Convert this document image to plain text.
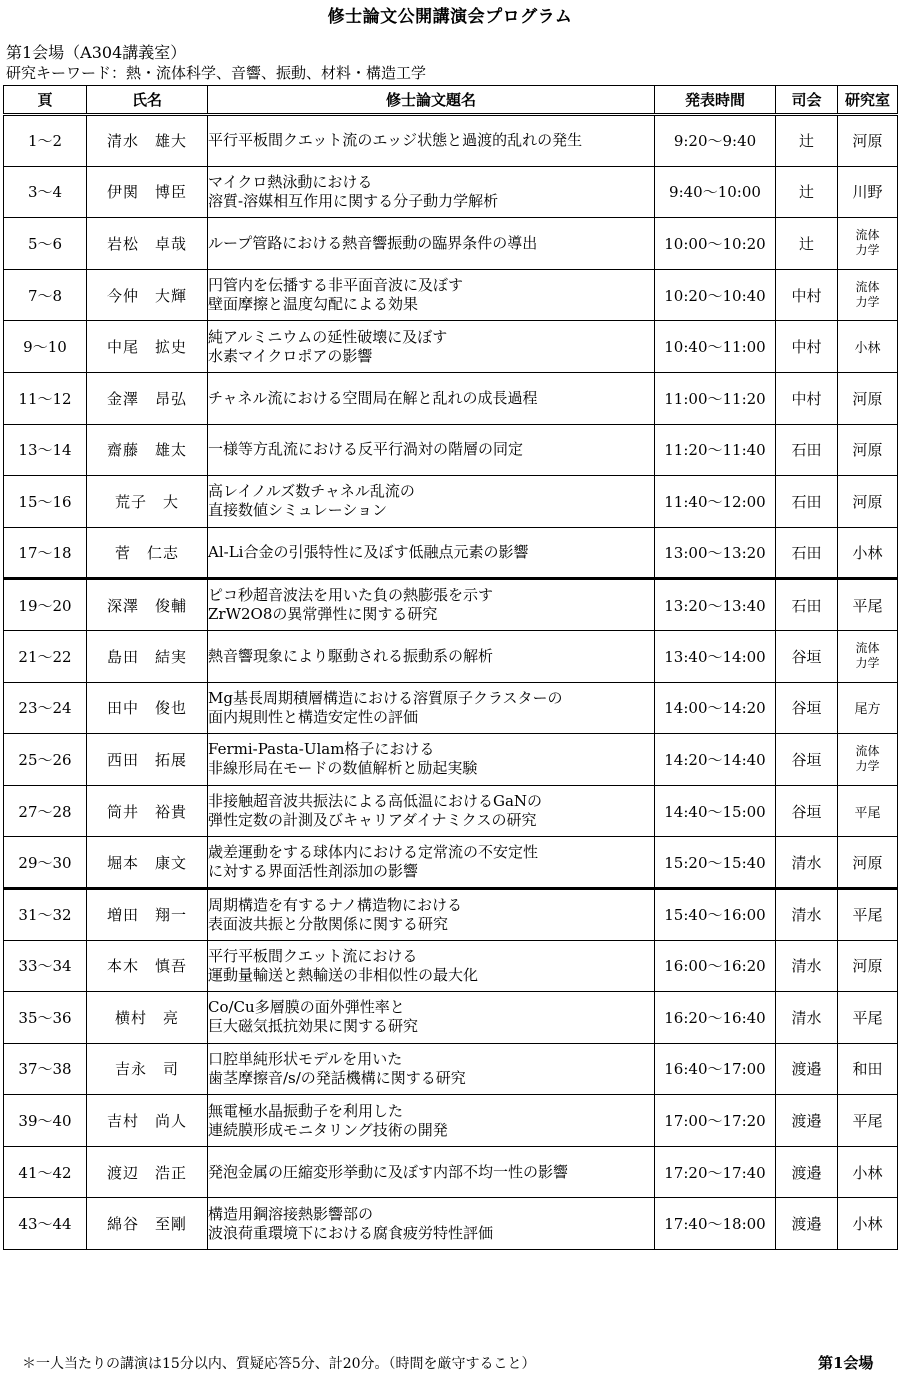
修士論文公開講演会プログラム
第1会場（A304講義室）
研究キーワード：熱・流体科学、音響、振動、材料・構造工学
頁	氏名	修士論文題名	発表時間	司会	研究室
1～2	清水　雄大	平行平板間クエット流のエッジ状態と過渡的乱れの発生	9:20～9:40	辻	河原
3～4	伊関　博臣	マイクロ熱泳動における
溶質-溶媒相互作用に関する分子動力学解析	9:40～10:00	辻	川野
5～6	岩松　卓哉	ループ管路における熱音響振動の臨界条件の導出	10:00～10:20	辻	流体
力学

7～8	今仲　大輝	円管内を伝播する非平面音波に及ぼす
壁面摩擦と温度勾配による効果	10:20～10:40	中村	流体
力学

9～10	中尾　拡史	純アルミニウムの延性破壊に及ぼす
水素マイクロポアの影響	10:40～11:00	中村	小林
11～12	金澤　昂弘	チャネル流における空間局在解と乱れの成長過程	11:00～11:20	中村	河原
13～14	齋藤　雄太	一様等方乱流における反平行渦対の階層の同定	11:20～11:40	石田	河原
15～16	荒子　大	高レイノルズ数チャネル乱流の
直接数値シミュレーション	11:40～12:00	石田	河原
17～18	菅　仁志	Al-Li合金の引張特性に及ぼす低融点元素の影響	13:00～13:20	石田	小林
19～20	深澤　俊輔	ピコ秒超音波法を用いた負の熱膨張を示す
ZrW2O8の異常弾性に関する研究	13:20～13:40	石田	平尾
21～22	島田　結実	熱音響現象により駆動される振動系の解析	13:40～14:00	谷垣	流体
力学

23～24	田中　俊也	Mg基長周期積層構造における溶質原子クラスターの
面内規則性と構造安定性の評価	14:00～14:20	谷垣	尾方
25～26	西田　拓展	Fermi-Pasta-Ulam格子における
非線形局在モードの数値解析と励起実験	14:20～14:40	谷垣	流体
力学

27～28	筒井　裕貴	非接触超音波共振法による高低温におけるGaNの
弾性定数の計測及びキャリアダイナミクスの研究	14:40～15:00	谷垣	平尾
29～30	堀本　康文	歳差運動をする球体内における定常流の不安定性
に対する界面活性剤添加の影響	15:20～15:40	清水	河原
31～32	増田　翔一	周期構造を有するナノ構造物における
表面波共振と分散関係に関する研究	15:40～16:00	清水	平尾
33～34	本木　慎吾	平行平板間クエット流における
運動量輸送と熱輸送の非相似性の最大化	16:00～16:20	清水	河原
35～36	横村　亮	Co/Cu多層膜の面外弾性率と
巨大磁気抵抗効果に関する研究	16:20～16:40	清水	平尾
37～38	吉永　司	口腔単純形状モデルを用いた
歯茎摩擦音/s/の発話機構に関する研究	16:40～17:00	渡邉	和田
39～40	吉村　尚人	無電極水晶振動子を利用した
連続膜形成モニタリング技術の開発	17:00～17:20	渡邉	平尾
41～42	渡辺　浩正	発泡金属の圧縮変形挙動に及ぼす内部不均一性の影響	17:20～17:40	渡邉	小林
43～44	綿谷　至剛	構造用鋼溶接熱影響部の
波浪荷重環境下における腐食疲労特性評価	17:40～18:00	渡邉	小林
＊一人当たりの講演は15分以内、質疑応答5分、計20分。（時間を厳守すること）	第1会場
